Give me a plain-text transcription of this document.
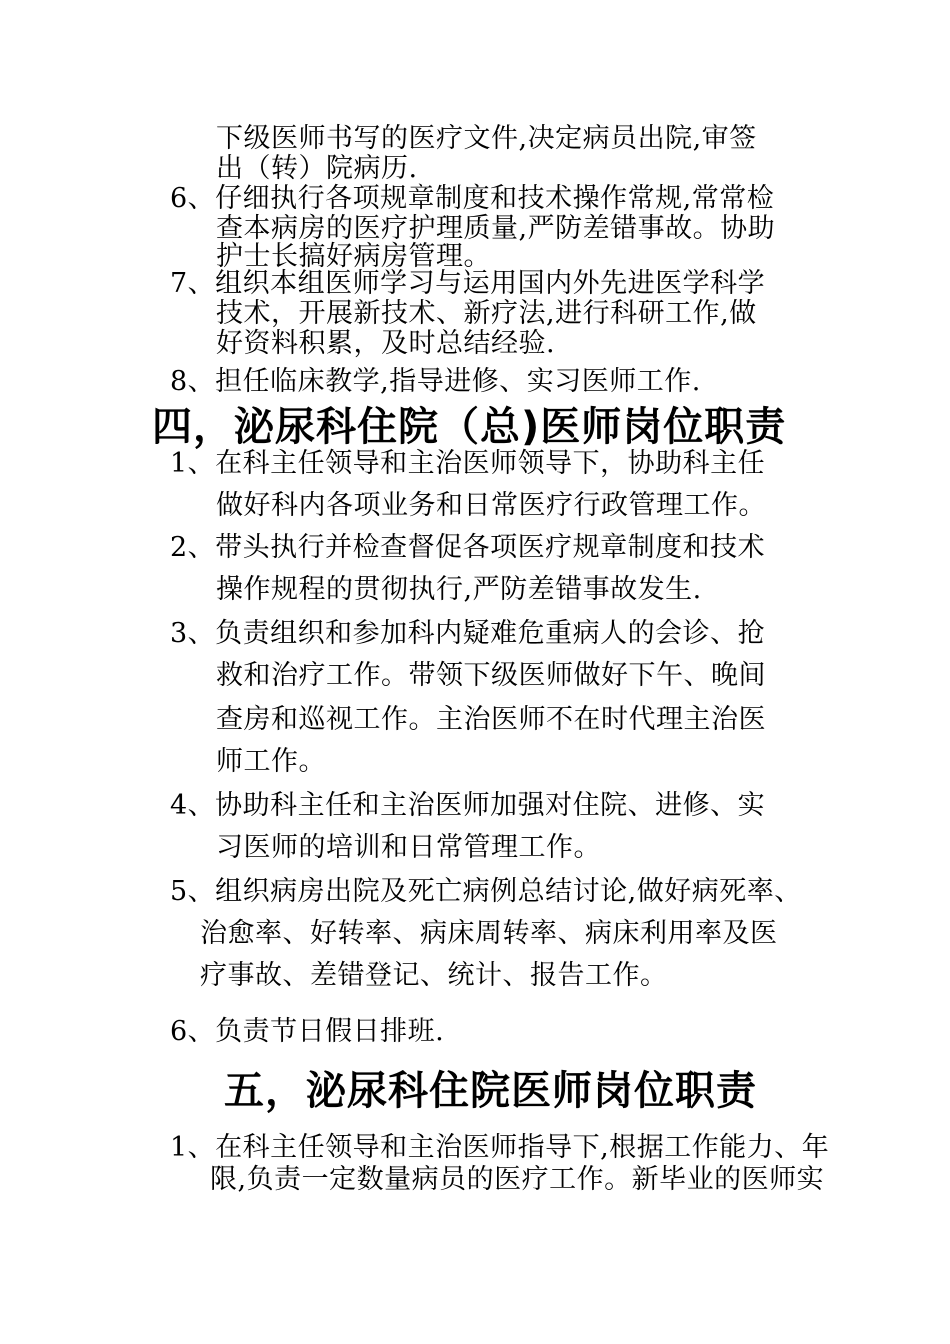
下级医师书写的医疗文件,决定病员出院,审签
出（转）院病历.
6、仔细执行各项规章制度和技术操作常规,常常检
查本病房的医疗护理质量,严防差错事故。协助
护士长搞好病房管理。
7、组织本组医师学习与运用国内外先进医学科学
技术，开展新技术、新疗法,进行科研工作,做
好资料积累，及时总结经验.
8、担任临床教学,指导进修、实习医师工作.
四，泌尿科住院（总)医师岗位职责
1、在科主任领导和主治医师领导下，协助科主任
做好科内各项业务和日常医疗行政管理工作。
2、带头执行并检查督促各项医疗规章制度和技术
操作规程的贯彻执行,严防差错事故发生.
3、负责组织和参加科内疑难危重病人的会诊、抢
救和治疗工作。带领下级医师做好下午、晚间
查房和巡视工作。主治医师不在时代理主治医
师工作。
4、协助科主任和主治医师加强对住院、进修、实
习医师的培训和日常管理工作。
5、组织病房出院及死亡病例总结讨论,做好病死率、
治愈率、好转率、病床周转率、病床利用率及医
疗事故、差错登记、统计、报告工作。
6、负责节日假日排班.
五，泌尿科住院医师岗位职责
1、在科主任领导和主治医师指导下,根据工作能力、年
限,负责一定数量病员的医疗工作。新毕业的医师实
